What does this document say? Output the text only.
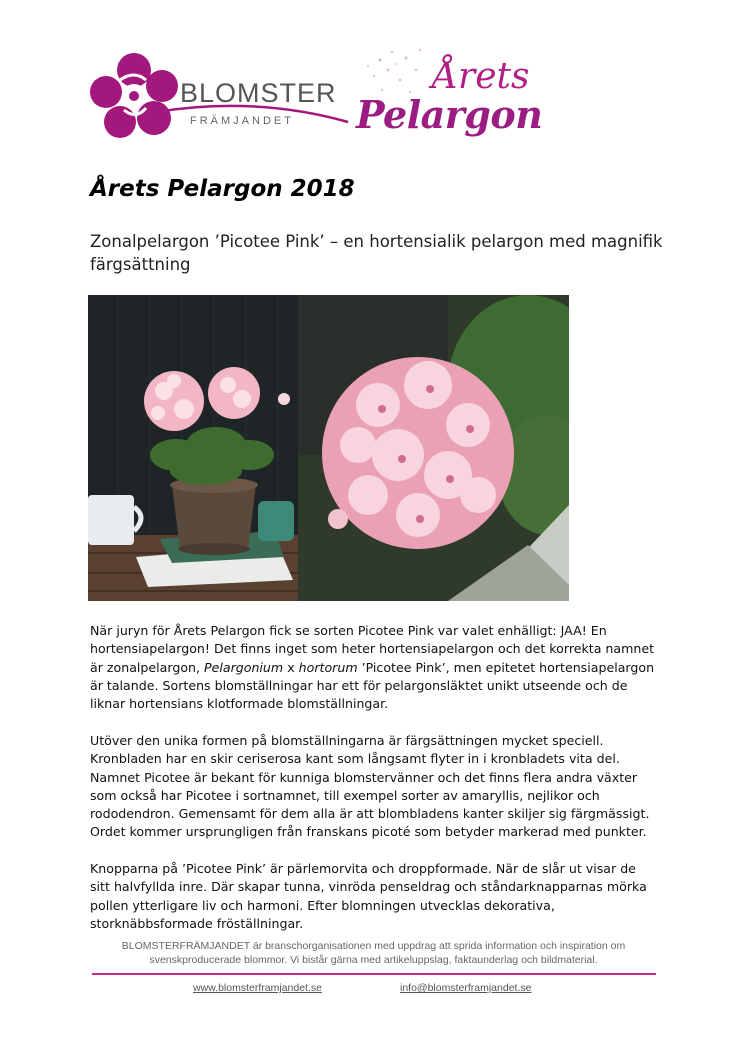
BLOMSTER
FRÄMJANDET
Årets
Pelargon
Årets Pelargon 2018
Zonalpelargon ’Picotee Pink’ – en hortensialik pelargon med magnifik färgsättning
När juryn för Årets Pelargon fick se sorten Picotee Pink var valet enhälligt: JAA! En hortensiapelargon! Det finns inget som heter hortensiapelargon och det korrekta namnet är zonalpelargon, Pelargonium x hortorum ’Picotee Pink’, men epitetet hortensiapelargon är talande. Sortens blomställningar har ett för pelargonsläktet unikt utseende och de liknar hortensians klotformade blomställningar.
Utöver den unika formen på blomställningarna är färgsättningen mycket speciell. Kronbladen har en skir ceriserosa kant som långsamt flyter in i kronbladets vita del. Namnet Picotee är bekant för kunniga blomstervänner och det finns flera andra växter som också har Picotee i sortnamnet, till exempel sorter av amaryllis, nejlikor och rododendron. Gemensamt för dem alla är att blombladens kanter skiljer sig färgmässigt. Ordet kommer ursprungligen från franskans picoté som betyder markerad med punkter.
Knopparna på ’Picotee Pink’ är pärlemorvita och droppformade. När de slår ut visar de sitt halvfyllda inre. Där skapar tunna, vinröda penseldrag och ståndarknapparnas mörka pollen ytterligare liv och harmoni. Efter blomningen utvecklas dekorativa, storknäbbsformade fröställningar.
BLOMSTERFRÄMJANDET är branschorganisationen med uppdrag att sprida information och inspiration om svenskproducerade blommor. Vi bistår gärna med artikeluppslag, faktaunderlag och bildmaterial.
www.blomsterframjandet.se	info@blomsterframjandet.se
